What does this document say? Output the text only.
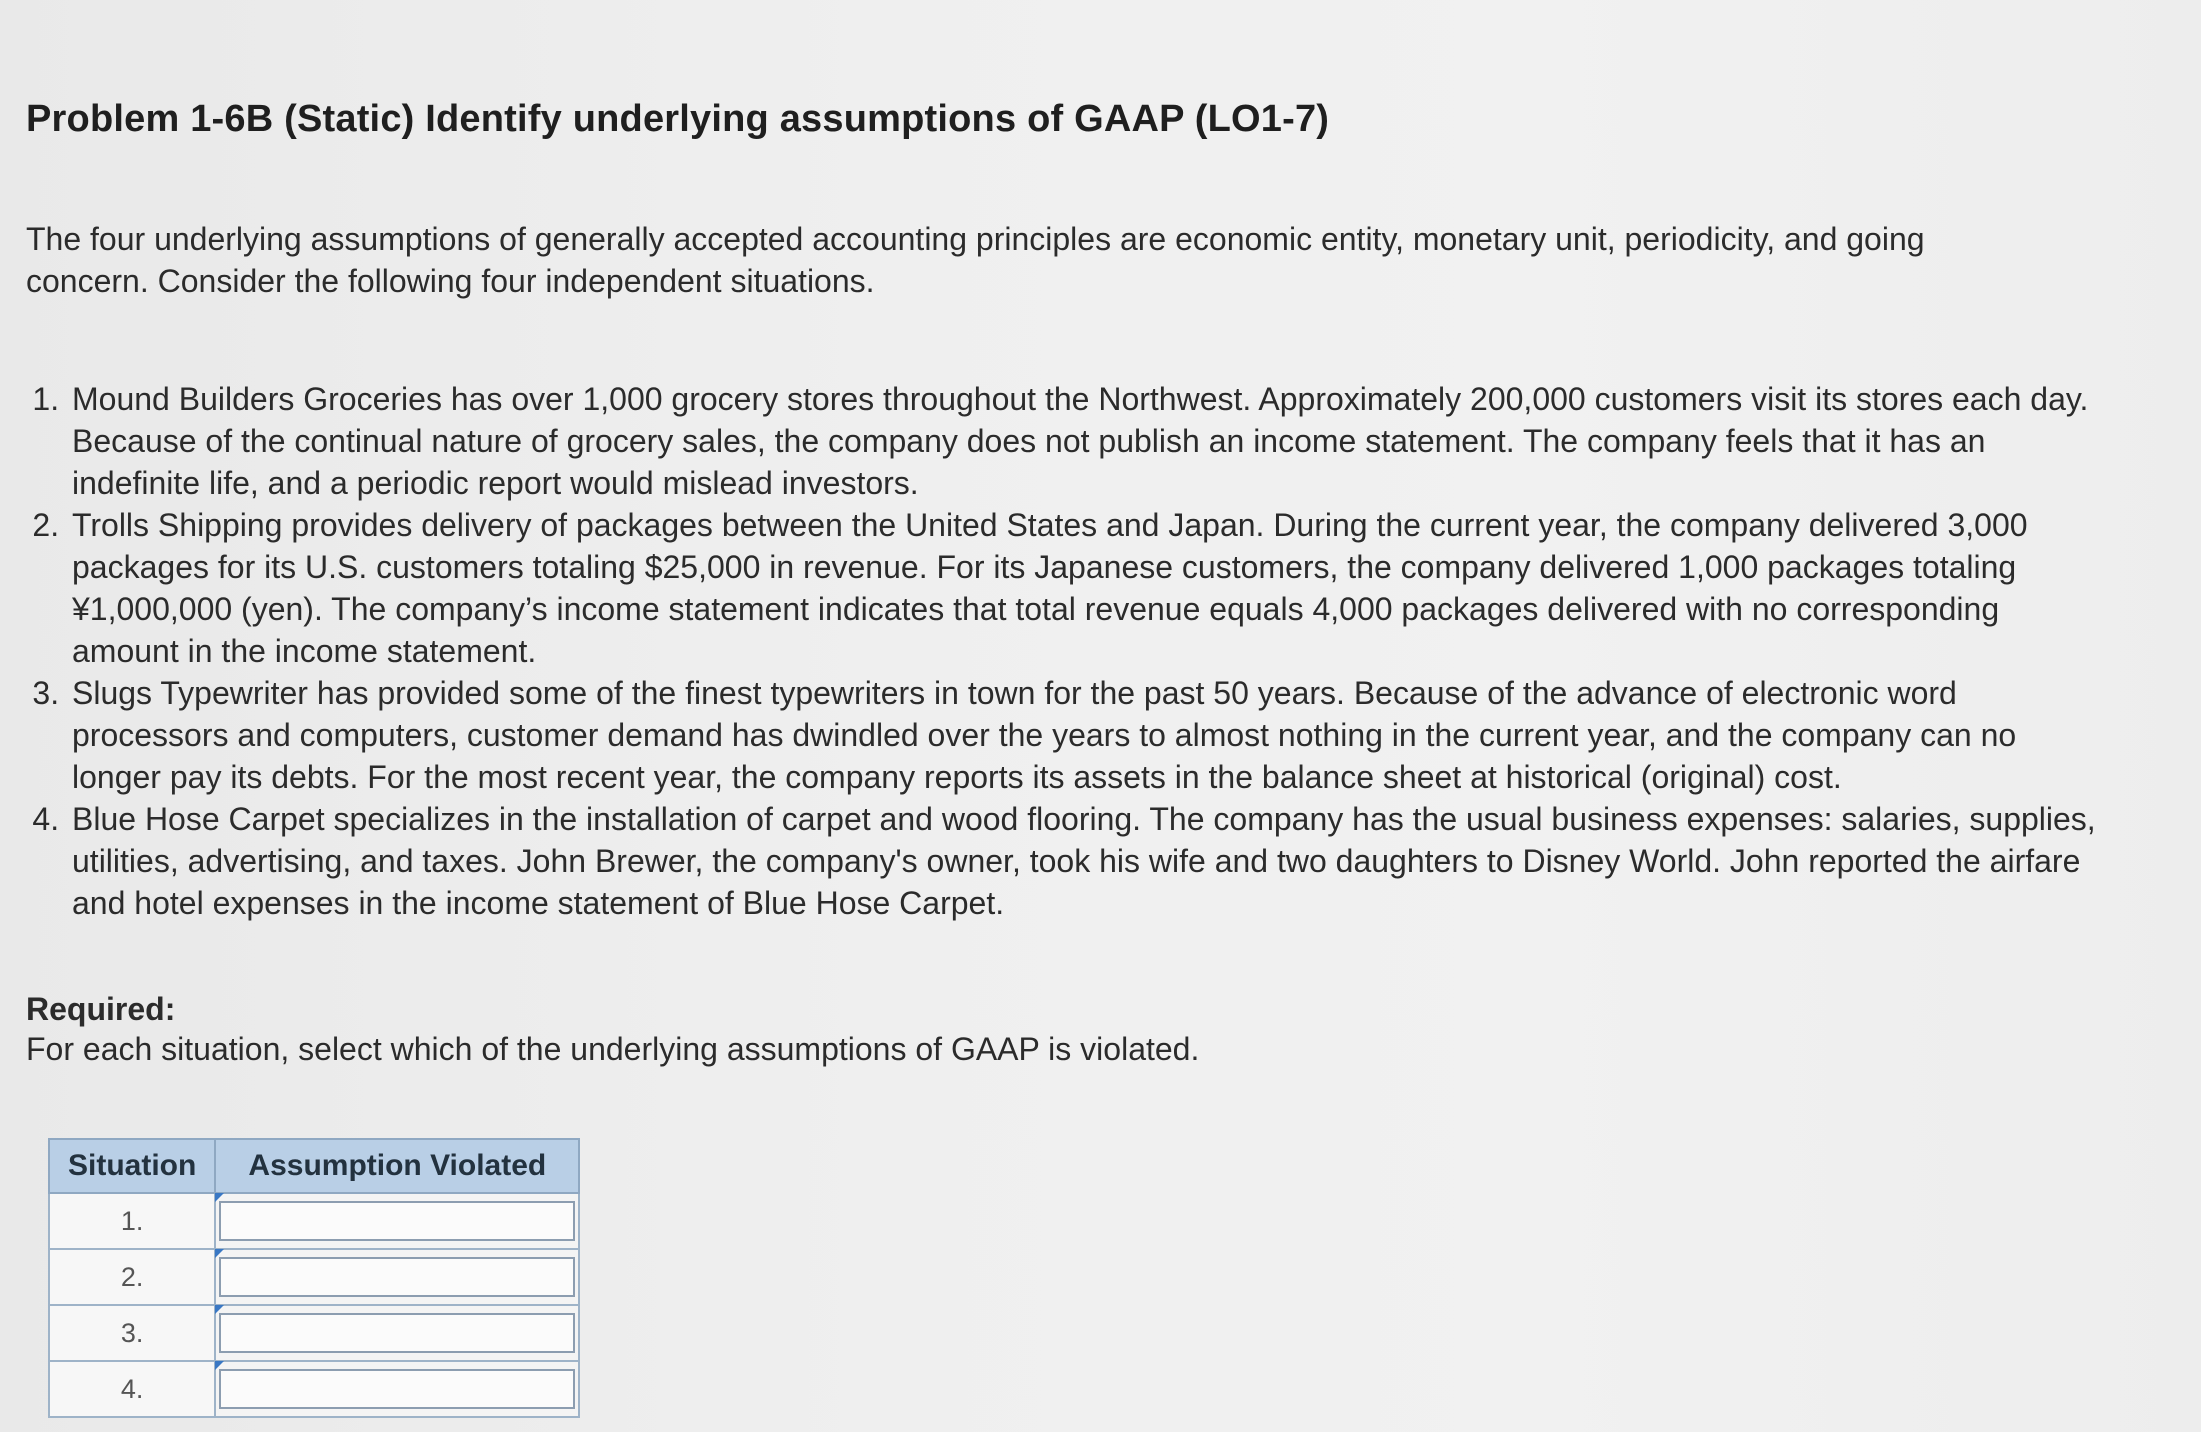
Problem 1-6B (Static) Identify underlying assumptions of GAAP (LO1-7)

The four underlying assumptions of generally accepted accounting principles are economic entity, monetary unit, periodicity, and going concern. Consider the following four independent situations.

1. Mound Builders Groceries has over 1,000 grocery stores throughout the Northwest. Approximately 200,000 customers visit its stores each day. Because of the continual nature of grocery sales, the company does not publish an income statement. The company feels that it has an indefinite life, and a periodic report would mislead investors.
2. Trolls Shipping provides delivery of packages between the United States and Japan. During the current year, the company delivered 3,000 packages for its U.S. customers totaling $25,000 in revenue. For its Japanese customers, the company delivered 1,000 packages totaling ¥1,000,000 (yen). The company’s income statement indicates that total revenue equals 4,000 packages delivered with no corresponding amount in the income statement.
3. Slugs Typewriter has provided some of the finest typewriters in town for the past 50 years. Because of the advance of electronic word processors and computers, customer demand has dwindled over the years to almost nothing in the current year, and the company can no longer pay its debts. For the most recent year, the company reports its assets in the balance sheet at historical (original) cost.
4. Blue Hose Carpet specializes in the installation of carpet and wood flooring. The company has the usual business expenses: salaries, supplies, utilities, advertising, and taxes. John Brewer, the company's owner, took his wife and two daughters to Disney World. John reported the airfare and hotel expenses in the income statement of Blue Hose Carpet.
Required:
For each situation, select which of the underlying assumptions of GAAP is violated.
Situation	Assumption Violated
1.	

2.	

3.	

4.	
